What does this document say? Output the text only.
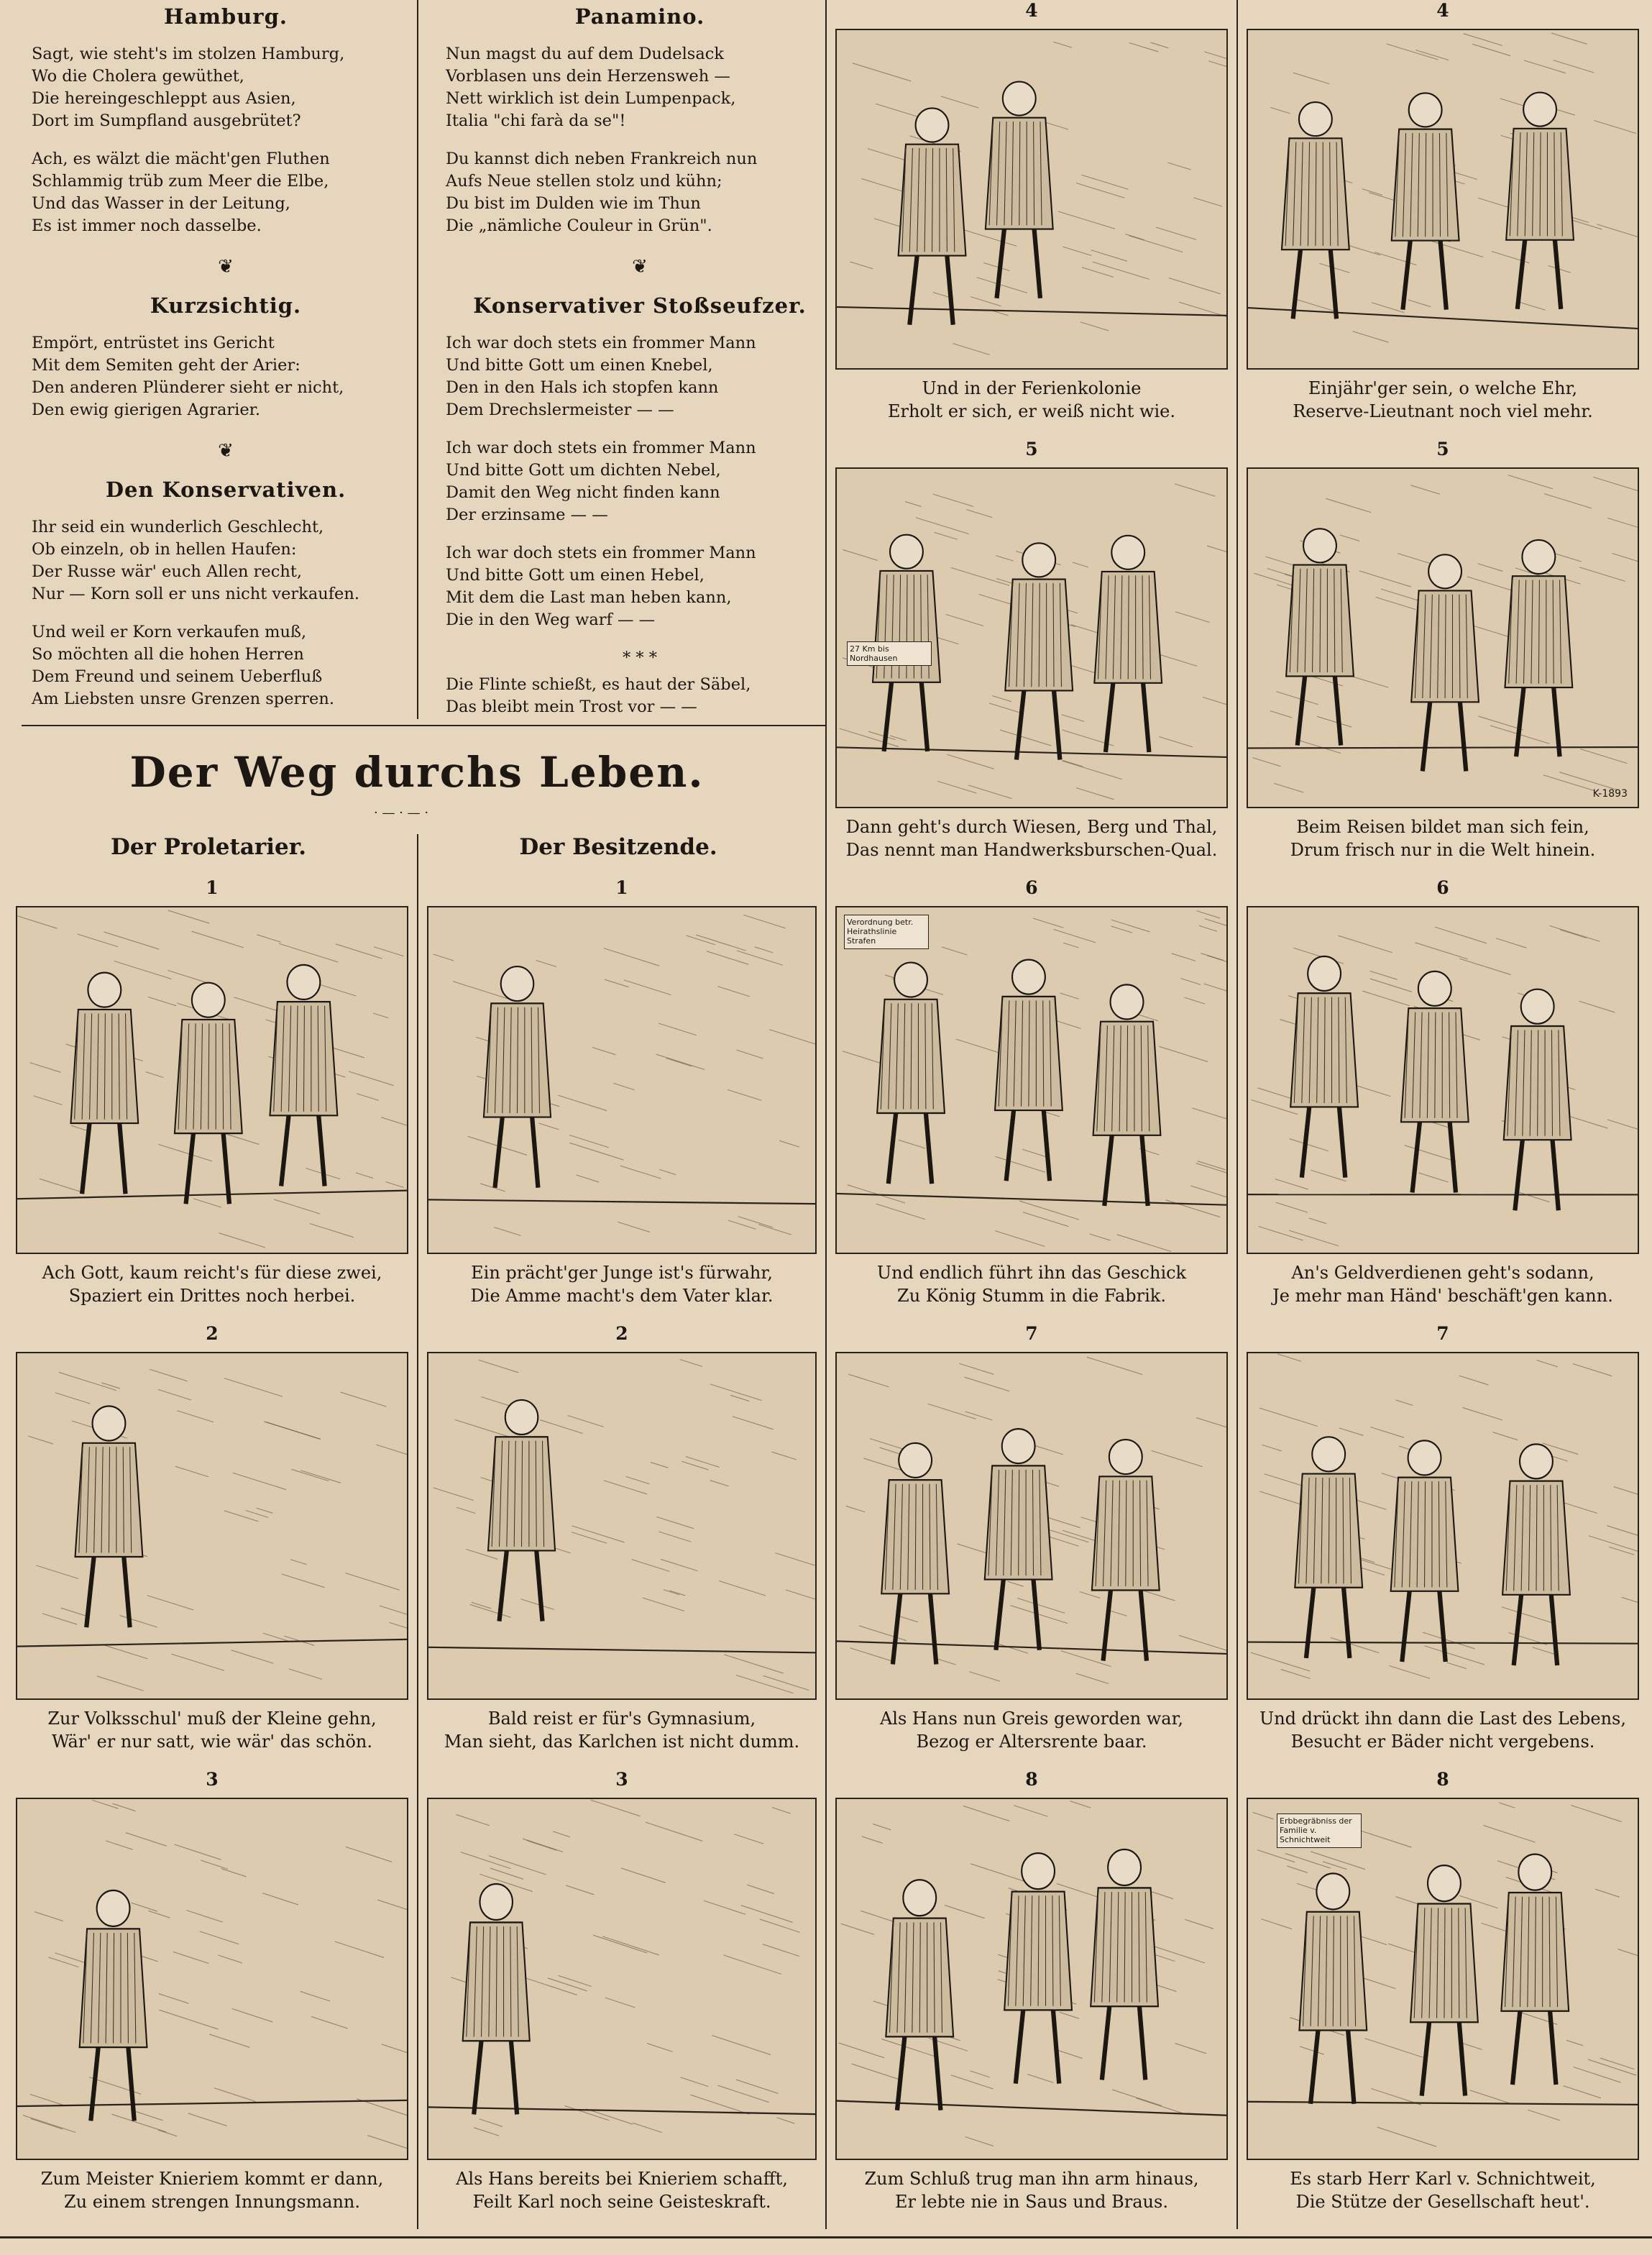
Hamburg.

Sagt, wie steht's im stolzen Hamburg,
Wo die Cholera gewüthet,
Die hereingeschleppt aus Asien,
Dort im Sumpfland ausgebrütet?

Ach, es wälzt die mächt'gen Fluthen
Schlammig trüb zum Meer die Elbe,
Und das Wasser in der Leitung,
Es ist immer noch dasselbe.

❦
Kurzsichtig.

Empört, entrüstet ins Gericht
Mit dem Semiten geht der Arier:
Den anderen Plünderer sieht er nicht,
Den ewig gierigen Agrarier.

❦
Den Konservativen.

Ihr seid ein wunderlich Geschlecht,
Ob einzeln, ob in hellen Haufen:
Der Russe wär' euch Allen recht,
Nur — Korn soll er uns nicht verkaufen.

Und weil er Korn verkaufen muß,
So möchten all die hohen Herren
Dem Freund und seinem Ueberfluß
Am Liebsten unsre Grenzen sperren.

Panamino.

Nun magst du auf dem Dudelsack
Vorblasen uns dein Herzensweh —
Nett wirklich ist dein Lumpenpack,
Italia "chi farà da se"!

Du kannst dich neben Frankreich nun
Aufs Neue stellen stolz und kühn;
Du bist im Dulden wie im Thun
Die „nämliche Couleur in Grün".

❦
Konservativer Stoßseufzer.

Ich war doch stets ein frommer Mann
Und bitte Gott um einen Knebel,
Den in den Hals ich stopfen kann
Dem Drechslermeister — —

Ich war doch stets ein frommer Mann
Und bitte Gott um dichten Nebel,
Damit den Weg nicht finden kann
Der erzinsame — —

Ich war doch stets ein frommer Mann
Und bitte Gott um einen Hebel,
Mit dem die Last man heben kann,
Die in den Weg warf — —

* * *

Die Flinte schießt, es haut der Säbel,
Das bleibt mein Trost vor — —

Der Weg durchs Leben.
· — · — ·
Der Proletarier.	Der Besitzende.
4
Und in der Ferienkolonie
Erholt er sich, er weiß nicht wie.
4
Einjähr'ger sein, o welche Ehr,
Reserve-Lieutnant noch viel mehr.
5
27 Km bis Nordhausen
Dann geht's durch Wiesen, Berg und Thal,
Das nennt man Handwerksburschen-Qual.
5
K-1893
Beim Reisen bildet man sich fein,
Drum frisch nur in die Welt hinein.
6
Verordnung betr. Heirathslinie Strafen
Und endlich führt ihn das Geschick
Zu König Stumm in die Fabrik.
6
An's Geldverdienen geht's sodann,
Je mehr man Händ' beschäft'gen kann.
7
Als Hans nun Greis geworden war,
Bezog er Altersrente baar.
7
Und drückt ihn dann die Last des Lebens,
Besucht er Bäder nicht vergebens.
8
Zum Schluß trug man ihn arm hinaus,
Er lebte nie in Saus und Braus.
8
Erbbegräbniss der Familie v. Schnichtweit
Es starb Herr Karl v. Schnichtweit,
Die Stütze der Gesellschaft heut'.
1
Ach Gott, kaum reicht's für diese zwei,
Spaziert ein Drittes noch herbei.
1
Ein prächt'ger Junge ist's fürwahr,
Die Amme macht's dem Vater klar.
2
Zur Volksschul' muß der Kleine gehn,
Wär' er nur satt, wie wär' das schön.
2
Bald reist er für's Gymnasium,
Man sieht, das Karlchen ist nicht dumm.
3
Zum Meister Knieriem kommt er dann,
Zu einem strengen Innungsmann.
3
Als Hans bereits bei Knieriem schafft,
Feilt Karl noch seine Geisteskraft.
